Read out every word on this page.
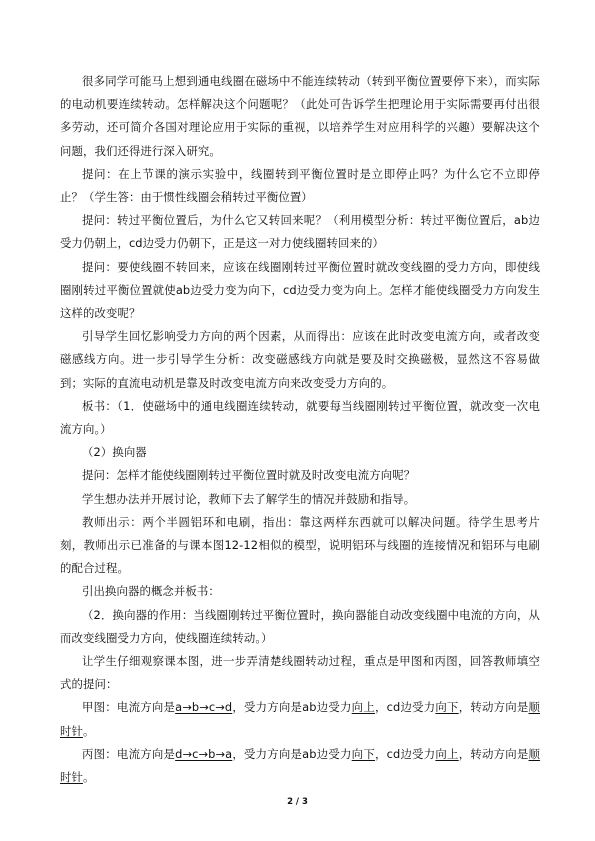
很多同学可能马上想到通电线圈在磁场中不能连续转动（转到平衡位置要停下来），而实际的电动机要连续转动。怎样解决这个问题呢？（此处可告诉学生把理论用于实际需要再付出很多劳动，还可简介各国对理论应用于实际的重视，以培养学生对应用科学的兴趣）要解决这个问题，我们还得进行深入研究。

提问：在上节课的演示实验中，线圈转到平衡位置时是立即停止吗？为什么它不立即停止？（学生答：由于惯性线圈会稍转过平衡位置）

提问：转过平衡位置后，为什么它又转回来呢？（利用模型分析：转过平衡位置后，ab边受力仍朝上，cd边受力仍朝下，正是这一对力使线圈转回来的）

提问：要使线圈不转回来，应该在线圈刚转过平衡位置时就改变线圈的受力方向，即使线圈刚转过平衡位置就使ab边受力变为向下，cd边受力变为向上。怎样才能使线圈受力方向发生这样的改变呢？

引导学生回忆影响受力方向的两个因素，从而得出：应该在此时改变电流方向，或者改变磁感线方向。进一步引导学生分析：改变磁感线方向就是要及时交换磁极，显然这不容易做到；实际的直流电动机是靠及时改变电流方向来改变受力方向的。

板书：（1．使磁场中的通电线圈连续转动，就要每当线圈刚转过平衡位置，就改变一次电流方向。）

（2）换向器

提问：怎样才能使线圈刚转过平衡位置时就及时改变电流方向呢？

学生想办法并开展讨论，教师下去了解学生的情况并鼓励和指导。

教师出示：两个半圆铝环和电刷，指出：靠这两样东西就可以解决问题。待学生思考片刻，教师出示已准备的与课本图12-12相似的模型，说明铝环与线圈的连接情况和铝环与电刷的配合过程。

引出换向器的概念并板书：

（2．换向器的作用：当线圈刚转过平衡位置时，换向器能自动改变线圈中电流的方向，从而改变线圈受力方向，使线圈连续转动。）

让学生仔细观察课本图，进一步弄清楚线圈转动过程，重点是甲图和丙图，回答教师填空式的提问：

甲图：电流方向是a→b→c→d，受力方向是ab边受力向上，cd边受力向下，转动方向是顺时针。

丙图：电流方向是d→c→b→a，受力方向是ab边受力向下，cd边受力向上，转动方向是顺时针。

2 / 3
